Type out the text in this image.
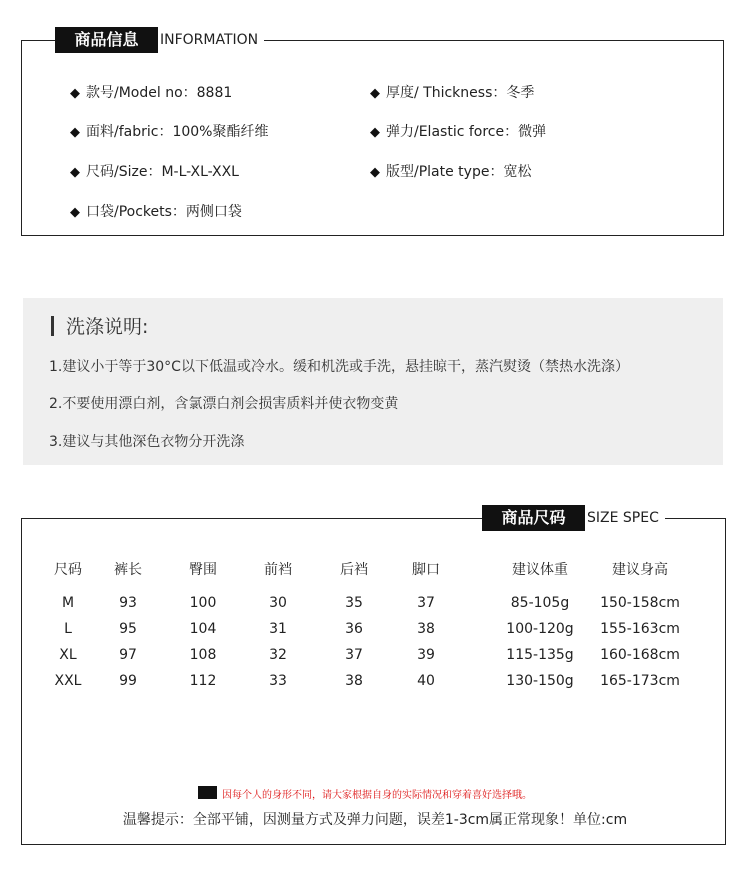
商品信息	INFORMATION
◆ 款号/Model no：8881	◆ 厚度/ Thickness：冬季
◆ 面料/fabric：100%聚酯纤维	◆ 弹力/Elastic force：微弹
◆ 尺码/Size：M-L-XL-XXL	◆ 版型/Plate type：宽松
◆ 口袋/Pockets：两侧口袋
洗涤说明:
1.建议小于等于30°C以下低温或冷水。缓和机洗或手洗，悬挂晾干，蒸汽熨烫（禁热水洗涤）
2.不要使用漂白剂，含氯漂白剂会损害质料并使衣物变黄
3.建议与其他深色衣物分开洗涤
商品尺码	SIZE SPEC
尺码	裤长	臀围	前裆	后裆	脚口	建议体重	建议身高
M	93	100	30	35	37	85-105g	150-158cm
L	95	104	31	36	38	100-120g	155-163cm
XL	97	108	32	37	39	115-135g	160-168cm
XXL	99	112	33	38	40	130-150g	165-173cm
因每个人的身形不同，请大家根据自身的实际情况和穿着喜好选择哦。
温馨提示：全部平铺，因测量方式及弹力问题，误差1-3cm属正常现象！单位:cm
